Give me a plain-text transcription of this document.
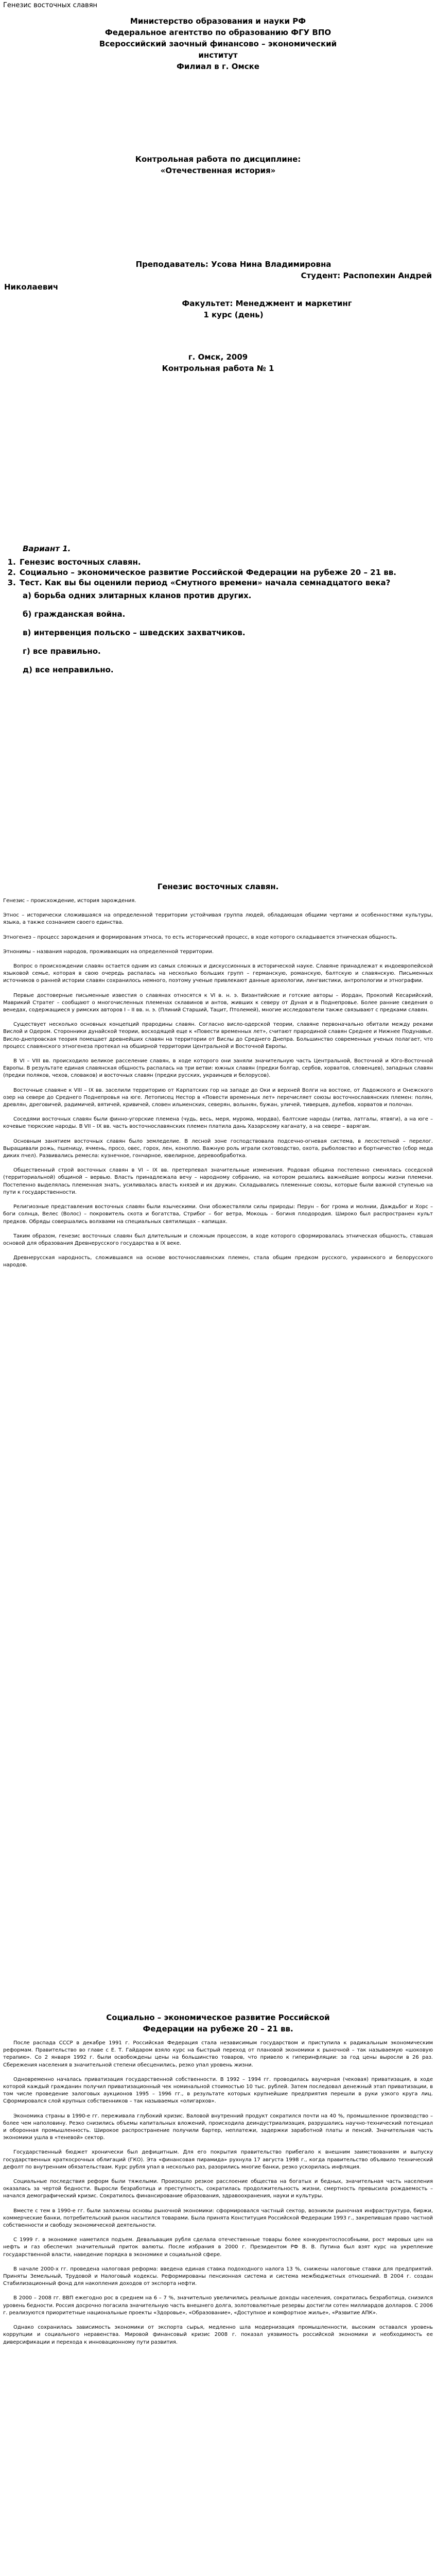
Генезис восточных славян

Министерство образования и науки РФ

Федеральное агентство по образованию ФГУ ВПО

Всероссийский заочный финансово – экономический

институт

Филиал в г. Омске

Контрольная работа по дисциплине:

«Отечественная история»

Преподаватель: Усова Нина Владимировна

Студент: Распопехин Андрей

Николаевич

Факультет: Менеджмент и маркетинг

1 курс (день)

г. Омск, 2009

Контрольная работа № 1

Вариант 1.

1. Генезис восточных славян.
2. Социально – экономическое развитие Российской Федерации на рубеже 20 – 21 вв.
3. Тест. Как вы бы оценили период «Смутного времени» начала семнадцатого века?
а) борьба одних элитарных кланов против других.
б) гражданская война.
в) интервенция польско – шведских захватчиков.
г) все правильно.
д) все неправильно.

Генезис восточных славян.

Генезис – происхождение, история зарождения.

Этнос – исторически сложившаяся на определенной территории устойчивая группа людей, обладающая общими чертами и особенностями культуры, языка, а также сознанием своего единства.

Этногенез – процесс зарождения и формирования этноса, то есть исторический процесс, в ходе которого складывается этническая общность.

Этнонимы – названия народов, проживающих на определенной территории.

Вопрос о происхождении славян остается одним из самых сложных и дискуссионных в исторической науке. Славяне принадлежат к индоевропейской языковой семье, которая в свою очередь распалась на несколько больших групп – германскую, романскую, балтскую и славянскую. Письменных источников о ранней истории славян сохранилось немного, поэтому ученые привлекают данные археологии, лингвистики, антропологии и этнографии.

Первые достоверные письменные известия о славянах относятся к VI в. н. э. Византийские и готские авторы – Иордан, Прокопий Кесарийский, Маврикий Стратег – сообщают о многочисленных племенах склавинов и антов, живших к северу от Дуная и в Поднепровье. Более ранние сведения о венедах, содержащиеся у римских авторов I – II вв. н. э. (Плиний Старший, Тацит, Птолемей), многие исследователи также связывают с предками славян.

Существует несколько основных концепций прародины славян. Согласно висло-одерской теории, славяне первоначально обитали между реками Вислой и Одером. Сторонники дунайской теории, восходящей еще к «Повести временных лет», считают прародиной славян Среднее и Нижнее Подунавье. Висло-днепровская теория помещает древнейших славян на территории от Вислы до Среднего Днепра. Большинство современных ученых полагает, что процесс славянского этногенеза протекал на обширной территории Центральной и Восточной Европы.

В VI – VIII вв. происходило великое расселение славян, в ходе которого они заняли значительную часть Центральной, Восточной и Юго-Восточной Европы. В результате единая славянская общность распалась на три ветви: южных славян (предки болгар, сербов, хорватов, словенцев), западных славян (предки поляков, чехов, словаков) и восточных славян (предки русских, украинцев и белорусов).

Восточные славяне к VIII – IX вв. заселили территорию от Карпатских гор на западе до Оки и верхней Волги на востоке, от Ладожского и Онежского озер на севере до Среднего Поднепровья на юге. Летописец Нестор в «Повести временных лет» перечисляет союзы восточнославянских племен: полян, древлян, дреговичей, радимичей, вятичей, кривичей, словен ильменских, северян, волынян, бужан, уличей, тиверцев, дулебов, хорватов и полочан.

Соседями восточных славян были финно-угорские племена (чудь, весь, меря, мурома, мордва), балтские народы (литва, латгалы, ятвяги), а на юге – кочевые тюркские народы. В VII – IX вв. часть восточнославянских племен платила дань Хазарскому каганату, а на севере – варягам.

Основным занятием восточных славян было земледелие. В лесной зоне господствовала подсечно-огневая система, в лесостепной – перелог. Выращивали рожь, пшеницу, ячмень, просо, овес, горох, лен, коноплю. Важную роль играли скотоводство, охота, рыболовство и бортничество (сбор меда диких пчел). Развивались ремесла: кузнечное, гончарное, ювелирное, деревообработка.

Общественный строй восточных славян в VI – IX вв. претерпевал значительные изменения. Родовая община постепенно сменялась соседской (территориальной) общиной – вервью. Власть принадлежала вечу – народному собранию, на котором решались важнейшие вопросы жизни племени. Постепенно выделялась племенная знать, усиливалась власть князей и их дружин. Складывались племенные союзы, которые были важной ступенью на пути к государственности.

Религиозные представления восточных славян были языческими. Они обожествляли силы природы: Перун – бог грома и молнии, Даждьбог и Хорс – боги солнца, Велес (Волос) – покровитель скота и богатства, Стрибог – бог ветра, Мокошь – богиня плодородия. Широко был распространен культ предков. Обряды совершались волхвами на специальных святилищах – капищах.

Таким образом, генезис восточных славян был длительным и сложным процессом, в ходе которого сформировалась этническая общность, ставшая основой для образования Древнерусского государства в IX веке.

Древнерусская народность, сложившаяся на основе восточнославянских племен, стала общим предком русского, украинского и белорусского народов.

Социально – экономическое развитие Российской

Федерации на рубеже 20 – 21 вв.

После распада СССР в декабре 1991 г. Российская Федерация стала независимым государством и приступила к радикальным экономическим реформам. Правительство во главе с Е. Т. Гайдаром взяло курс на быстрый переход от плановой экономики к рыночной – так называемую «шоковую терапию». Со 2 января 1992 г. были освобождены цены на большинство товаров, что привело к гиперинфляции: за год цены выросли в 26 раз. Сбережения населения в значительной степени обесценились, резко упал уровень жизни.

Одновременно началась приватизация государственной собственности. В 1992 – 1994 гг. проводилась ваучерная (чековая) приватизация, в ходе которой каждый гражданин получил приватизационный чек номинальной стоимостью 10 тыс. рублей. Затем последовал денежный этап приватизации, в том числе проведение залоговых аукционов 1995 – 1996 гг., в результате которых крупнейшие предприятия перешли в руки узкого круга лиц. Сформировался слой крупных собственников – так называемых «олигархов».

Экономика страны в 1990-е гг. переживала глубокий кризис. Валовой внутренний продукт сократился почти на 40 %, промышленное производство – более чем наполовину. Резко снизились объемы капитальных вложений, происходила деиндустриализация, разрушались научно-технический потенциал и оборонная промышленность. Широкое распространение получили бартер, неплатежи, задержки заработной платы и пенсий. Значительная часть экономики ушла в «теневой» сектор.

Государственный бюджет хронически был дефицитным. Для его покрытия правительство прибегало к внешним заимствованиям и выпуску государственных краткосрочных облигаций (ГКО). Эта «финансовая пирамида» рухнула 17 августа 1998 г., когда правительство объявило технический дефолт по внутренним обязательствам. Курс рубля упал в несколько раз, разорились многие банки, резко ускорилась инфляция.

Социальные последствия реформ были тяжелыми. Произошло резкое расслоение общества на богатых и бедных, значительная часть населения оказалась за чертой бедности. Выросли безработица и преступность, сократилась продолжительность жизни, смертность превысила рождаемость – начался демографический кризис. Сократилось финансирование образования, здравоохранения, науки и культуры.

Вместе с тем в 1990-е гг. были заложены основы рыночной экономики: сформировался частный сектор, возникли рыночная инфраструктура, биржи, коммерческие банки, потребительский рынок насытился товарами. Была принята Конституция Российской Федерации 1993 г., закрепившая право частной собственности и свободу экономической деятельности.

С 1999 г. в экономике наметился подъем. Девальвация рубля сделала отечественные товары более конкурентоспособными, рост мировых цен на нефть и газ обеспечил значительный приток валюты. После избрания в 2000 г. Президентом РФ В. В. Путина был взят курс на укрепление государственной власти, наведение порядка в экономике и социальной сфере.

В начале 2000-х гг. проведена налоговая реформа: введена единая ставка подоходного налога 13 %, снижены налоговые ставки для предприятий. Приняты Земельный, Трудовой и Налоговый кодексы. Реформированы пенсионная система и система межбюджетных отношений. В 2004 г. создан Стабилизационный фонд для накопления доходов от экспорта нефти.

В 2000 – 2008 гг. ВВП ежегодно рос в среднем на 6 – 7 %, значительно увеличились реальные доходы населения, сократилась безработица, снизился уровень бедности. Россия досрочно погасила значительную часть внешнего долга, золотовалютные резервы достигли сотен миллиардов долларов. С 2006 г. реализуются приоритетные национальные проекты «Здоровье», «Образование», «Доступное и комфортное жилье», «Развитие АПК».

Однако сохранилась зависимость экономики от экспорта сырья, медленно шла модернизация промышленности, высоким оставался уровень коррупции и социального неравенства. Мировой финансовый кризис 2008 г. показал уязвимость российской экономики и необходимость ее диверсификации и перехода к инновационному пути развития.
